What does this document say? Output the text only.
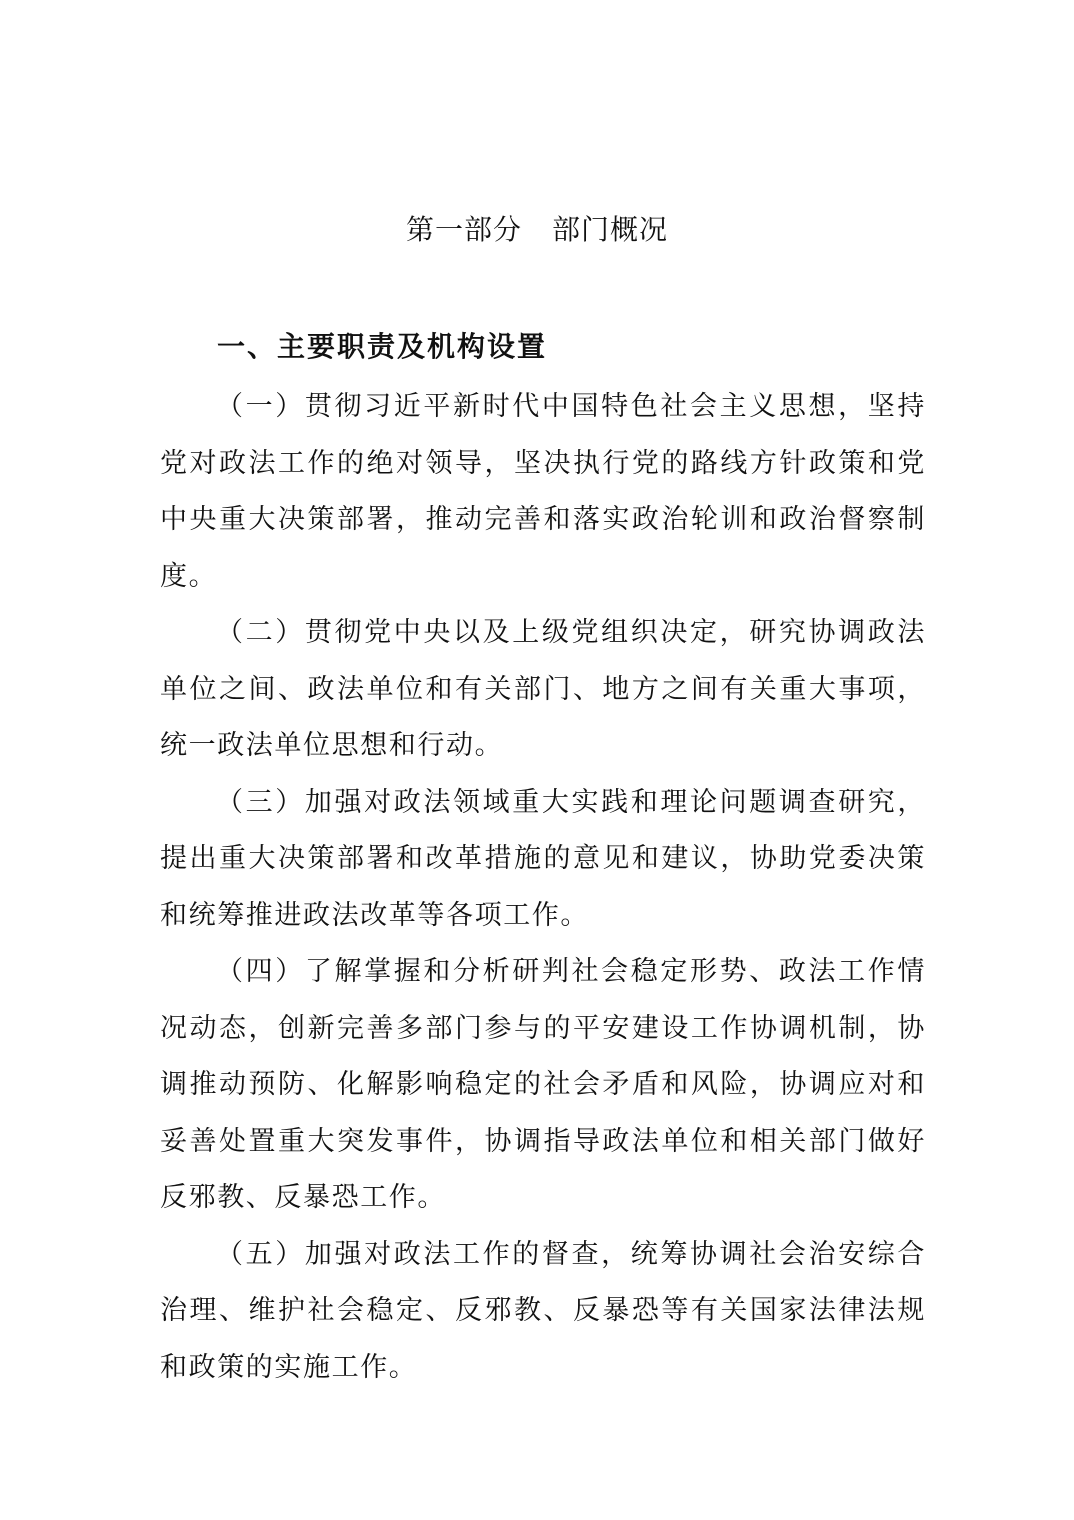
第一部分 部门概况
一、主要职责及机构设置

（一）贯彻习近平新时代中国特色社会主义思想，坚持党对政法工作的绝对领导，坚决执行党的路线方针政策和党中央重大决策部署，推动完善和落实政治轮训和政治督察制度。

（二）贯彻党中央以及上级党组织决定，研究协调政法单位之间、政法单位和有关部门、地方之间有关重大事项，统一政法单位思想和行动。

（三）加强对政法领域重大实践和理论问题调查研究，提出重大决策部署和改革措施的意见和建议，协助党委决策和统筹推进政法改革等各项工作。

（四）了解掌握和分析研判社会稳定形势、政法工作情况动态，创新完善多部门参与的平安建设工作协调机制，协调推动预防、化解影响稳定的社会矛盾和风险，协调应对和妥善处置重大突发事件，协调指导政法单位和相关部门做好反邪教、反暴恐工作。

（五）加强对政法工作的督查，统筹协调社会治安综合治理、维护社会稳定、反邪教、反暴恐等有关国家法律法规和政策的实施工作。
